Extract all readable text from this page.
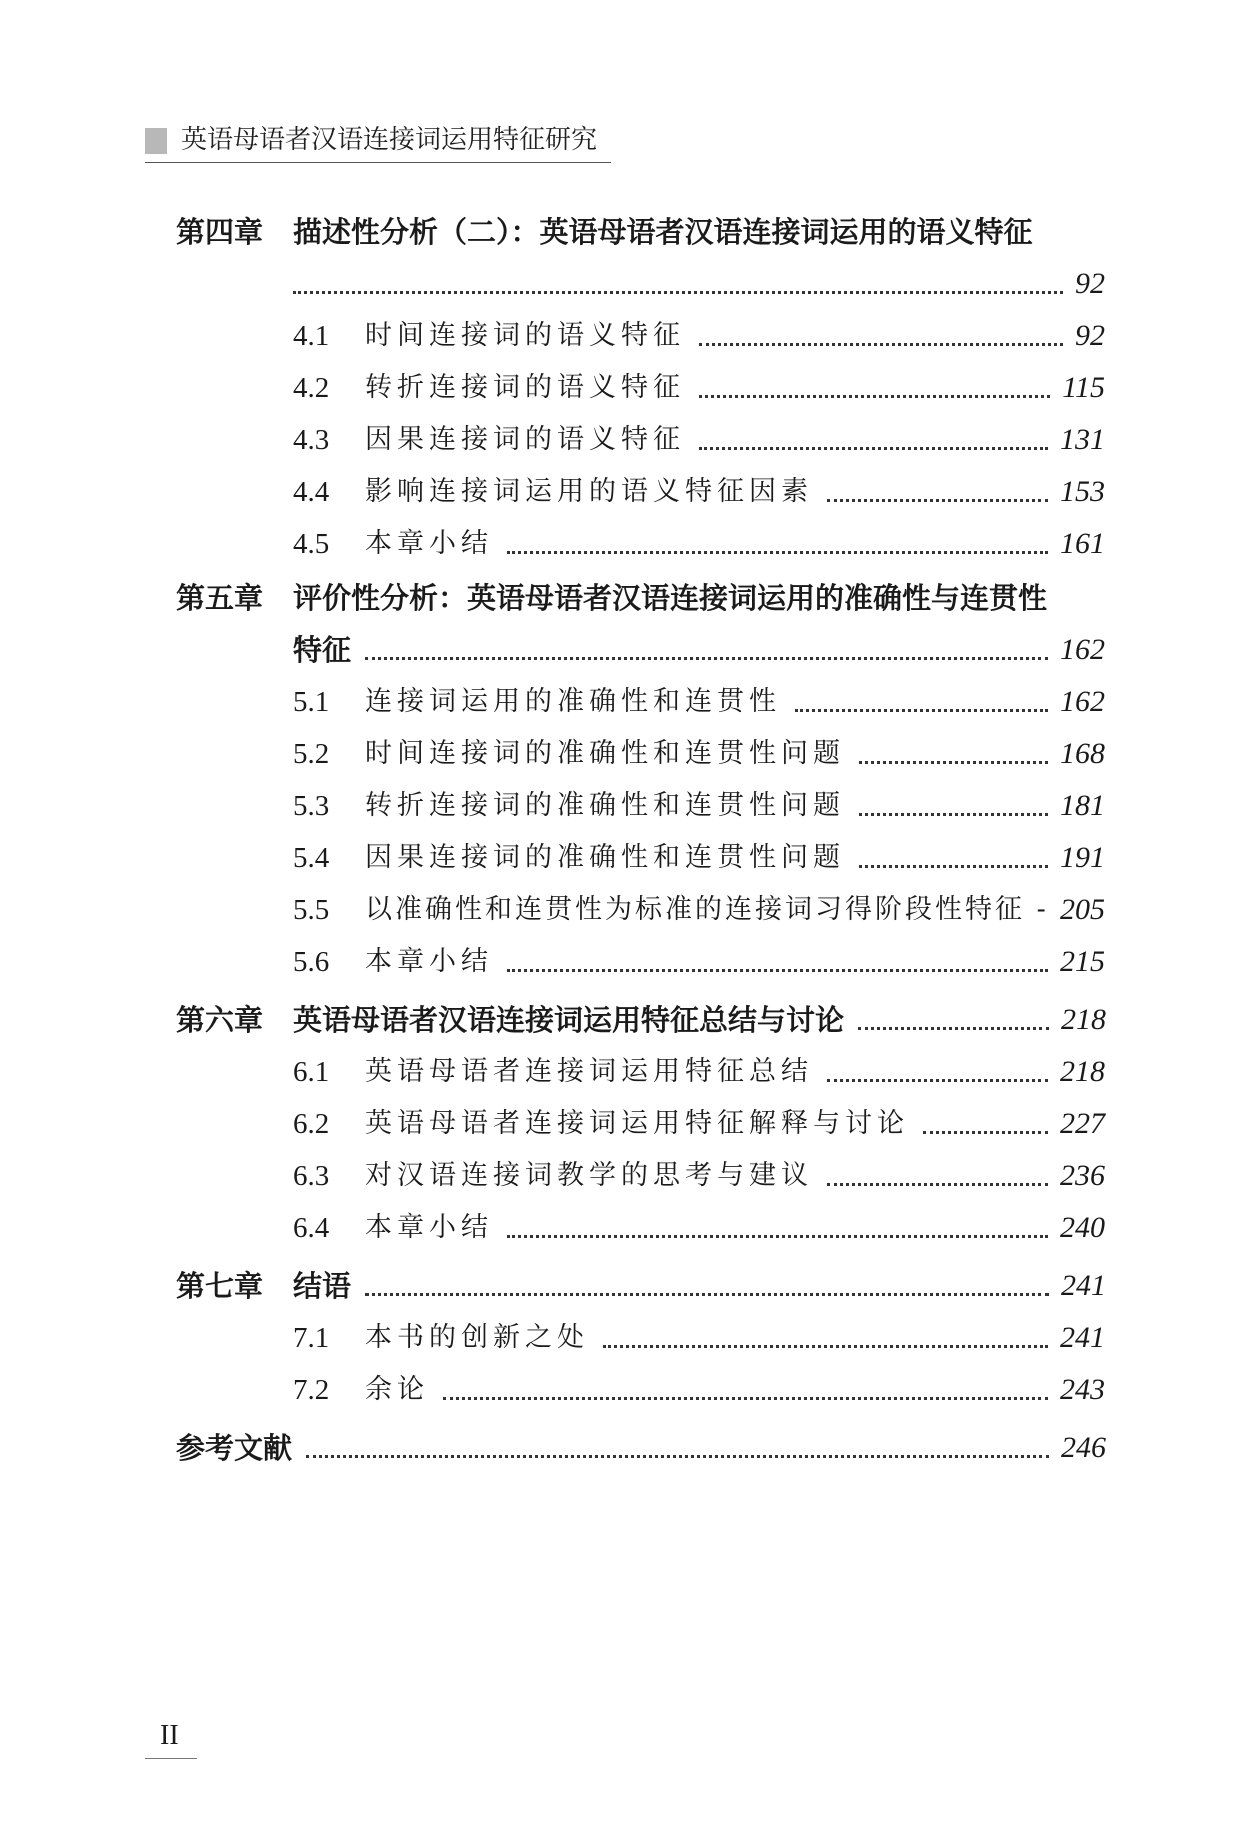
英语母语者汉语连接词运用特征研究
第四章	描述性分析（二）：英语母语者汉语连接词运用的语义特征
92
4.1	时间连接词的语义特征	92
4.2	转折连接词的语义特征	115
4.3	因果连接词的语义特征	131
4.4	影响连接词运用的语义特征因素	153
4.5	本章小结	161
第五章	评价性分析：英语母语者汉语连接词运用的准确性与连贯性
特征	162
5.1	连接词运用的准确性和连贯性	162
5.2	时间连接词的准确性和连贯性问题	168
5.3	转折连接词的准确性和连贯性问题	181
5.4	因果连接词的准确性和连贯性问题	191
5.5	以准确性和连贯性为标准的连接词习得阶段性特征 - 205
5.6	本章小结	215
第六章	英语母语者汉语连接词运用特征总结与讨论	218
6.1	英语母语者连接词运用特征总结	218
6.2	英语母语者连接词运用特征解释与讨论	227
6.3	对汉语连接词教学的思考与建议	236
6.4	本章小结	240
第七章	结语	241
7.1	本书的创新之处	241
7.2	余论	243
参考文献	246
II
